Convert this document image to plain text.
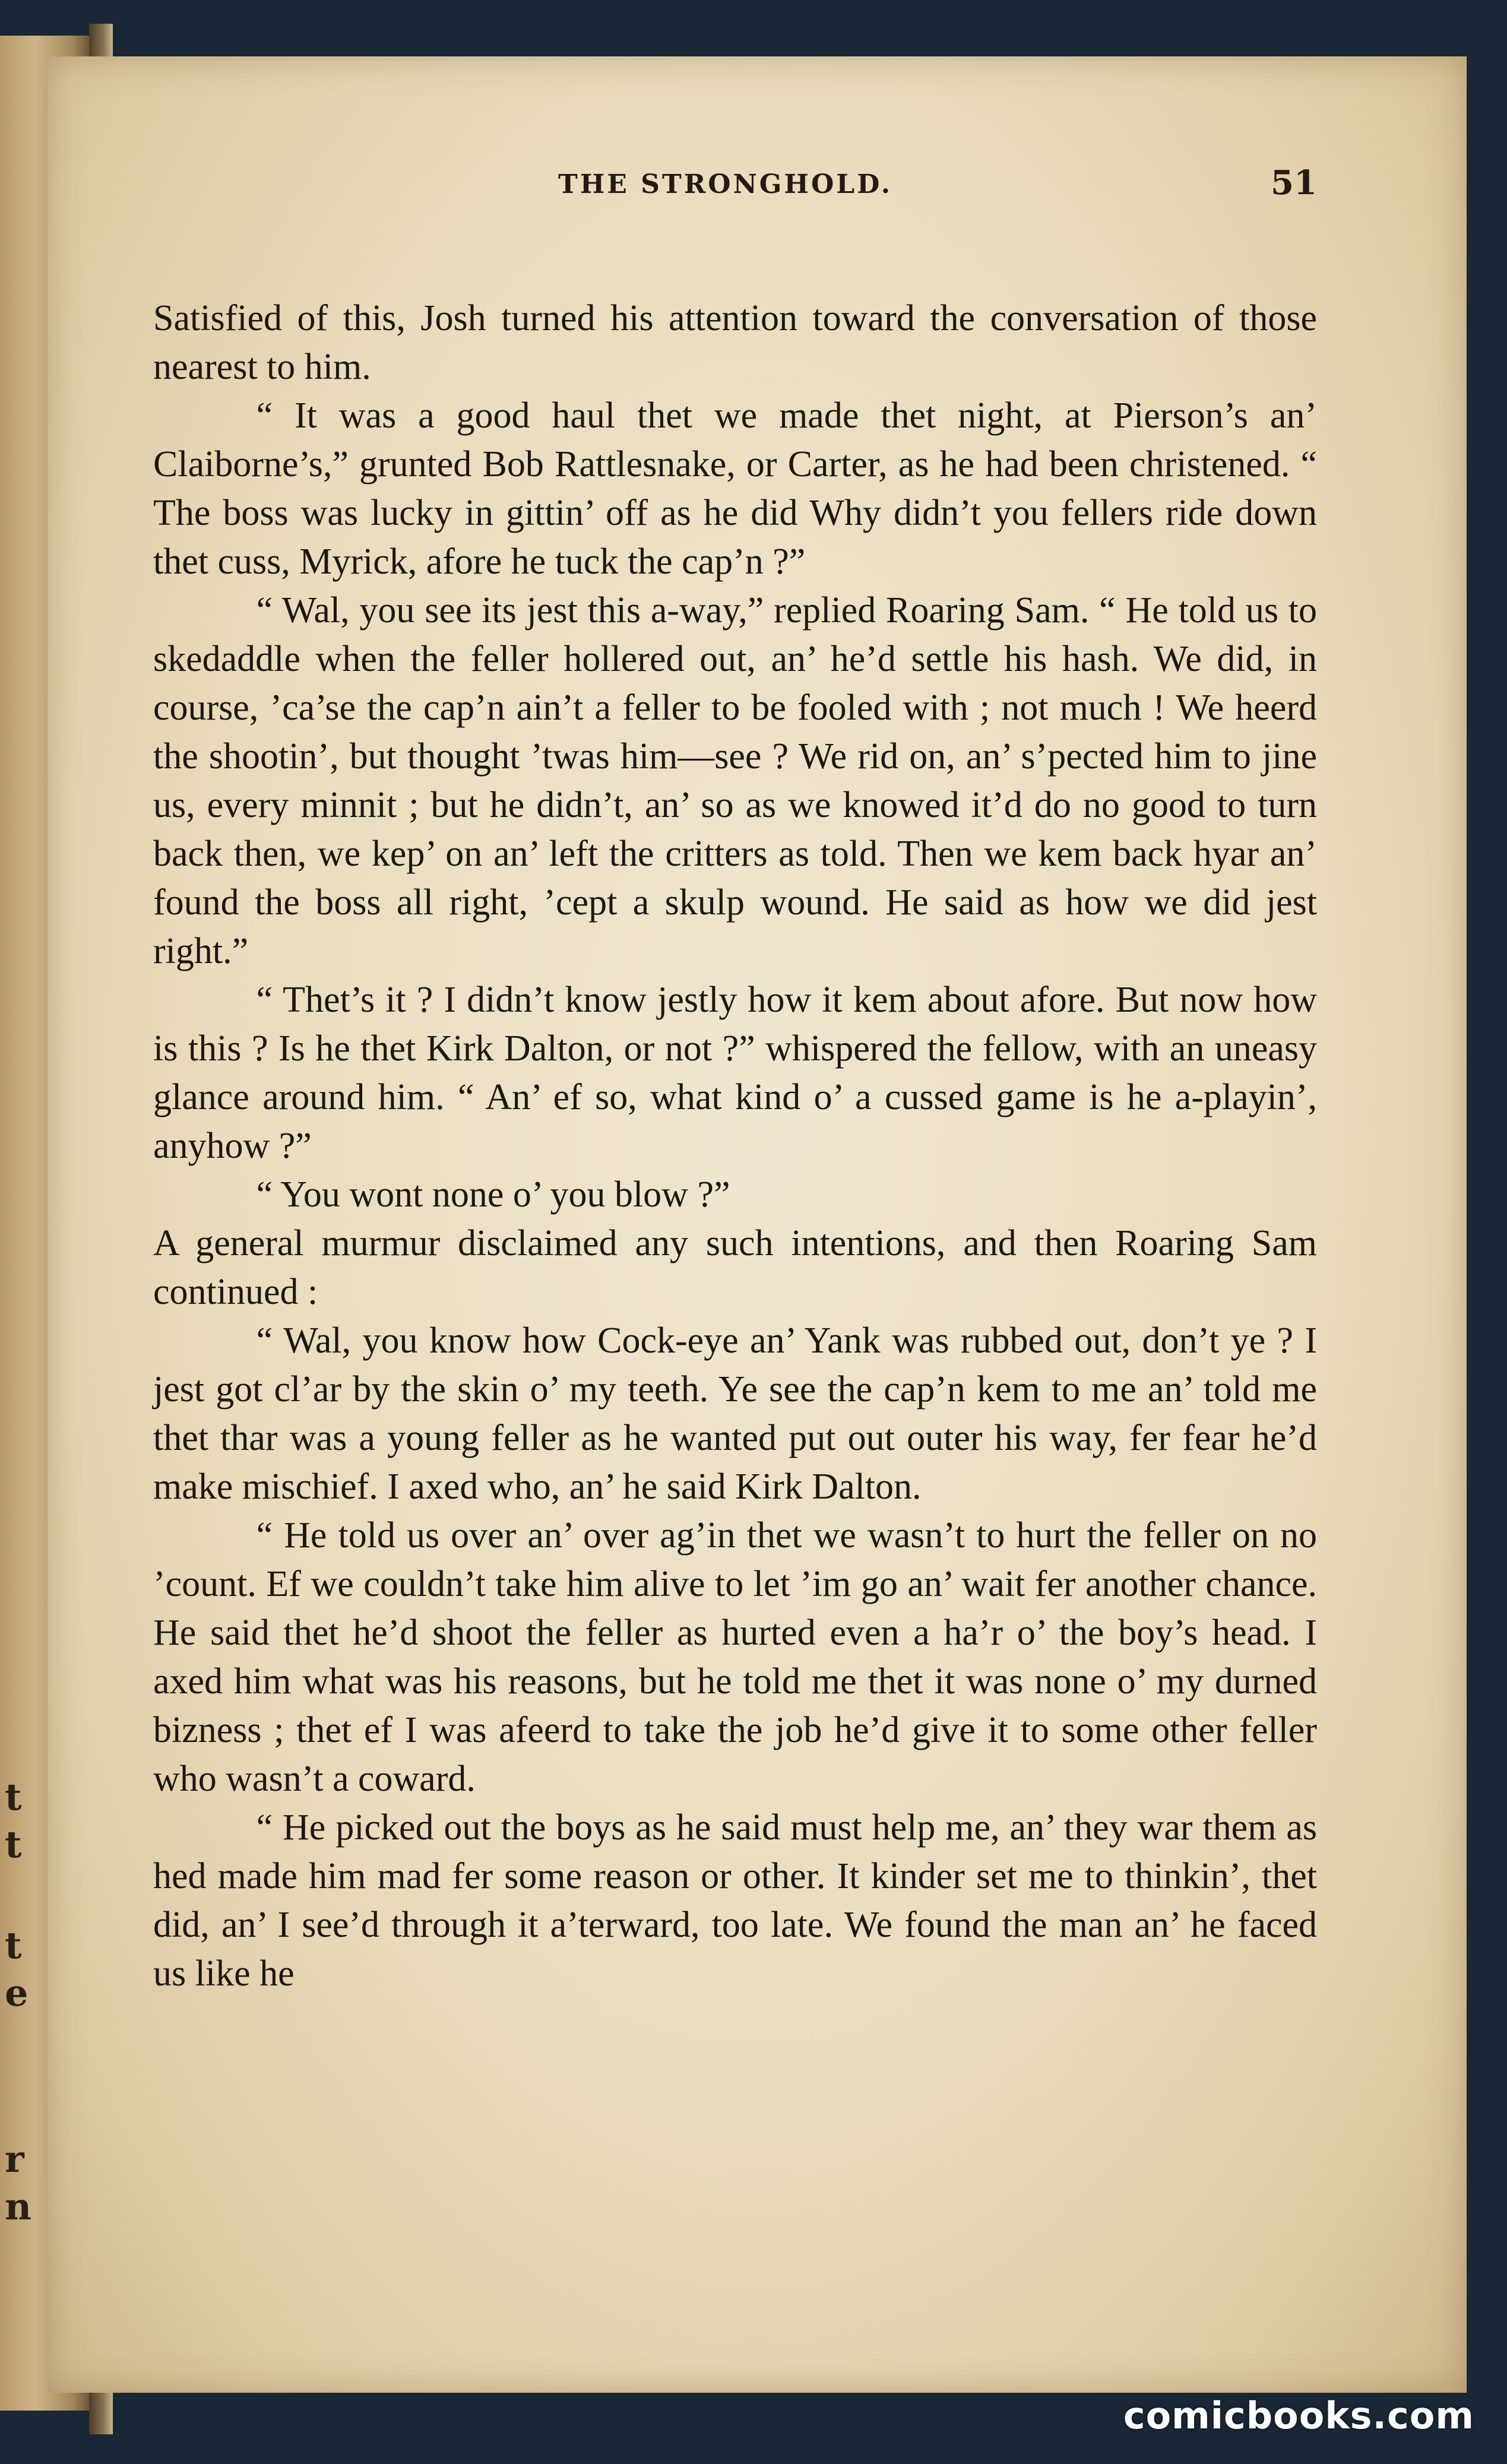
t
t
t
e
r
n
THE STRONGHOLD.	51

Satisfied of this, Josh turned his attention toward the conversation of those nearest to him.

“ It was a good haul thet we made thet night, at Pierson’s an’ Claiborne’s,” grunted Bob Rattlesnake, or Carter, as he had been christened. “ The boss was lucky in gittin’ off as he did Why didn’t you fellers ride down thet cuss, Myrick, afore he tuck the cap’n ?”

“ Wal, you see its jest this a-way,” replied Roaring Sam. “ He told us to skedaddle when the feller hollered out, an’ he’d settle his hash. We did, in course, ’ca’se the cap’n ain’t a feller to be fooled with ; not much ! We heerd the shootin’, but thought ’twas him—see ? We rid on, an’ s’pected him to jine us, every minnit ; but he didn’t, an’ so as we knowed it’d do no good to turn back then, we kep’ on an’ left the critters as told. Then we kem back hyar an’ found the boss all right, ’cept a skulp wound. He said as how we did jest right.”

“ Thet’s it ? I didn’t know jestly how it kem about afore. But now how is this ? Is he thet Kirk Dalton, or not ?” whispered the fellow, with an uneasy glance around him. “ An’ ef so, what kind o’ a cussed game is he a-playin’, anyhow ?”

“ You wont none o’ you blow ?”

A general murmur disclaimed any such intentions, and then Roaring Sam continued :

“ Wal, you know how Cock-eye an’ Yank was rubbed out, don’t ye ? I jest got cl’ar by the skin o’ my teeth. Ye see the cap’n kem to me an’ told me thet thar was a young feller as he wanted put out outer his way, fer fear he’d make mischief. I axed who, an’ he said Kirk Dalton.

“ He told us over an’ over ag’in thet we wasn’t to hurt the feller on no ’count. Ef we couldn’t take him alive to let ’im go an’ wait fer another chance. He said thet he’d shoot the feller as hurted even a ha’r o’ the boy’s head. I axed him what was his reasons, but he told me thet it was none o’ my durned bizness ; thet ef I was afeerd to take the job he’d give it to some other feller who wasn’t a coward.

“ He picked out the boys as he said must help me, an’ they war them as hed made him mad fer some reason or other. It kinder set me to thinkin’, thet did, an’ I see’d through it a’terward, too late. We found the man an’ he faced us like he

comicbooks.com
